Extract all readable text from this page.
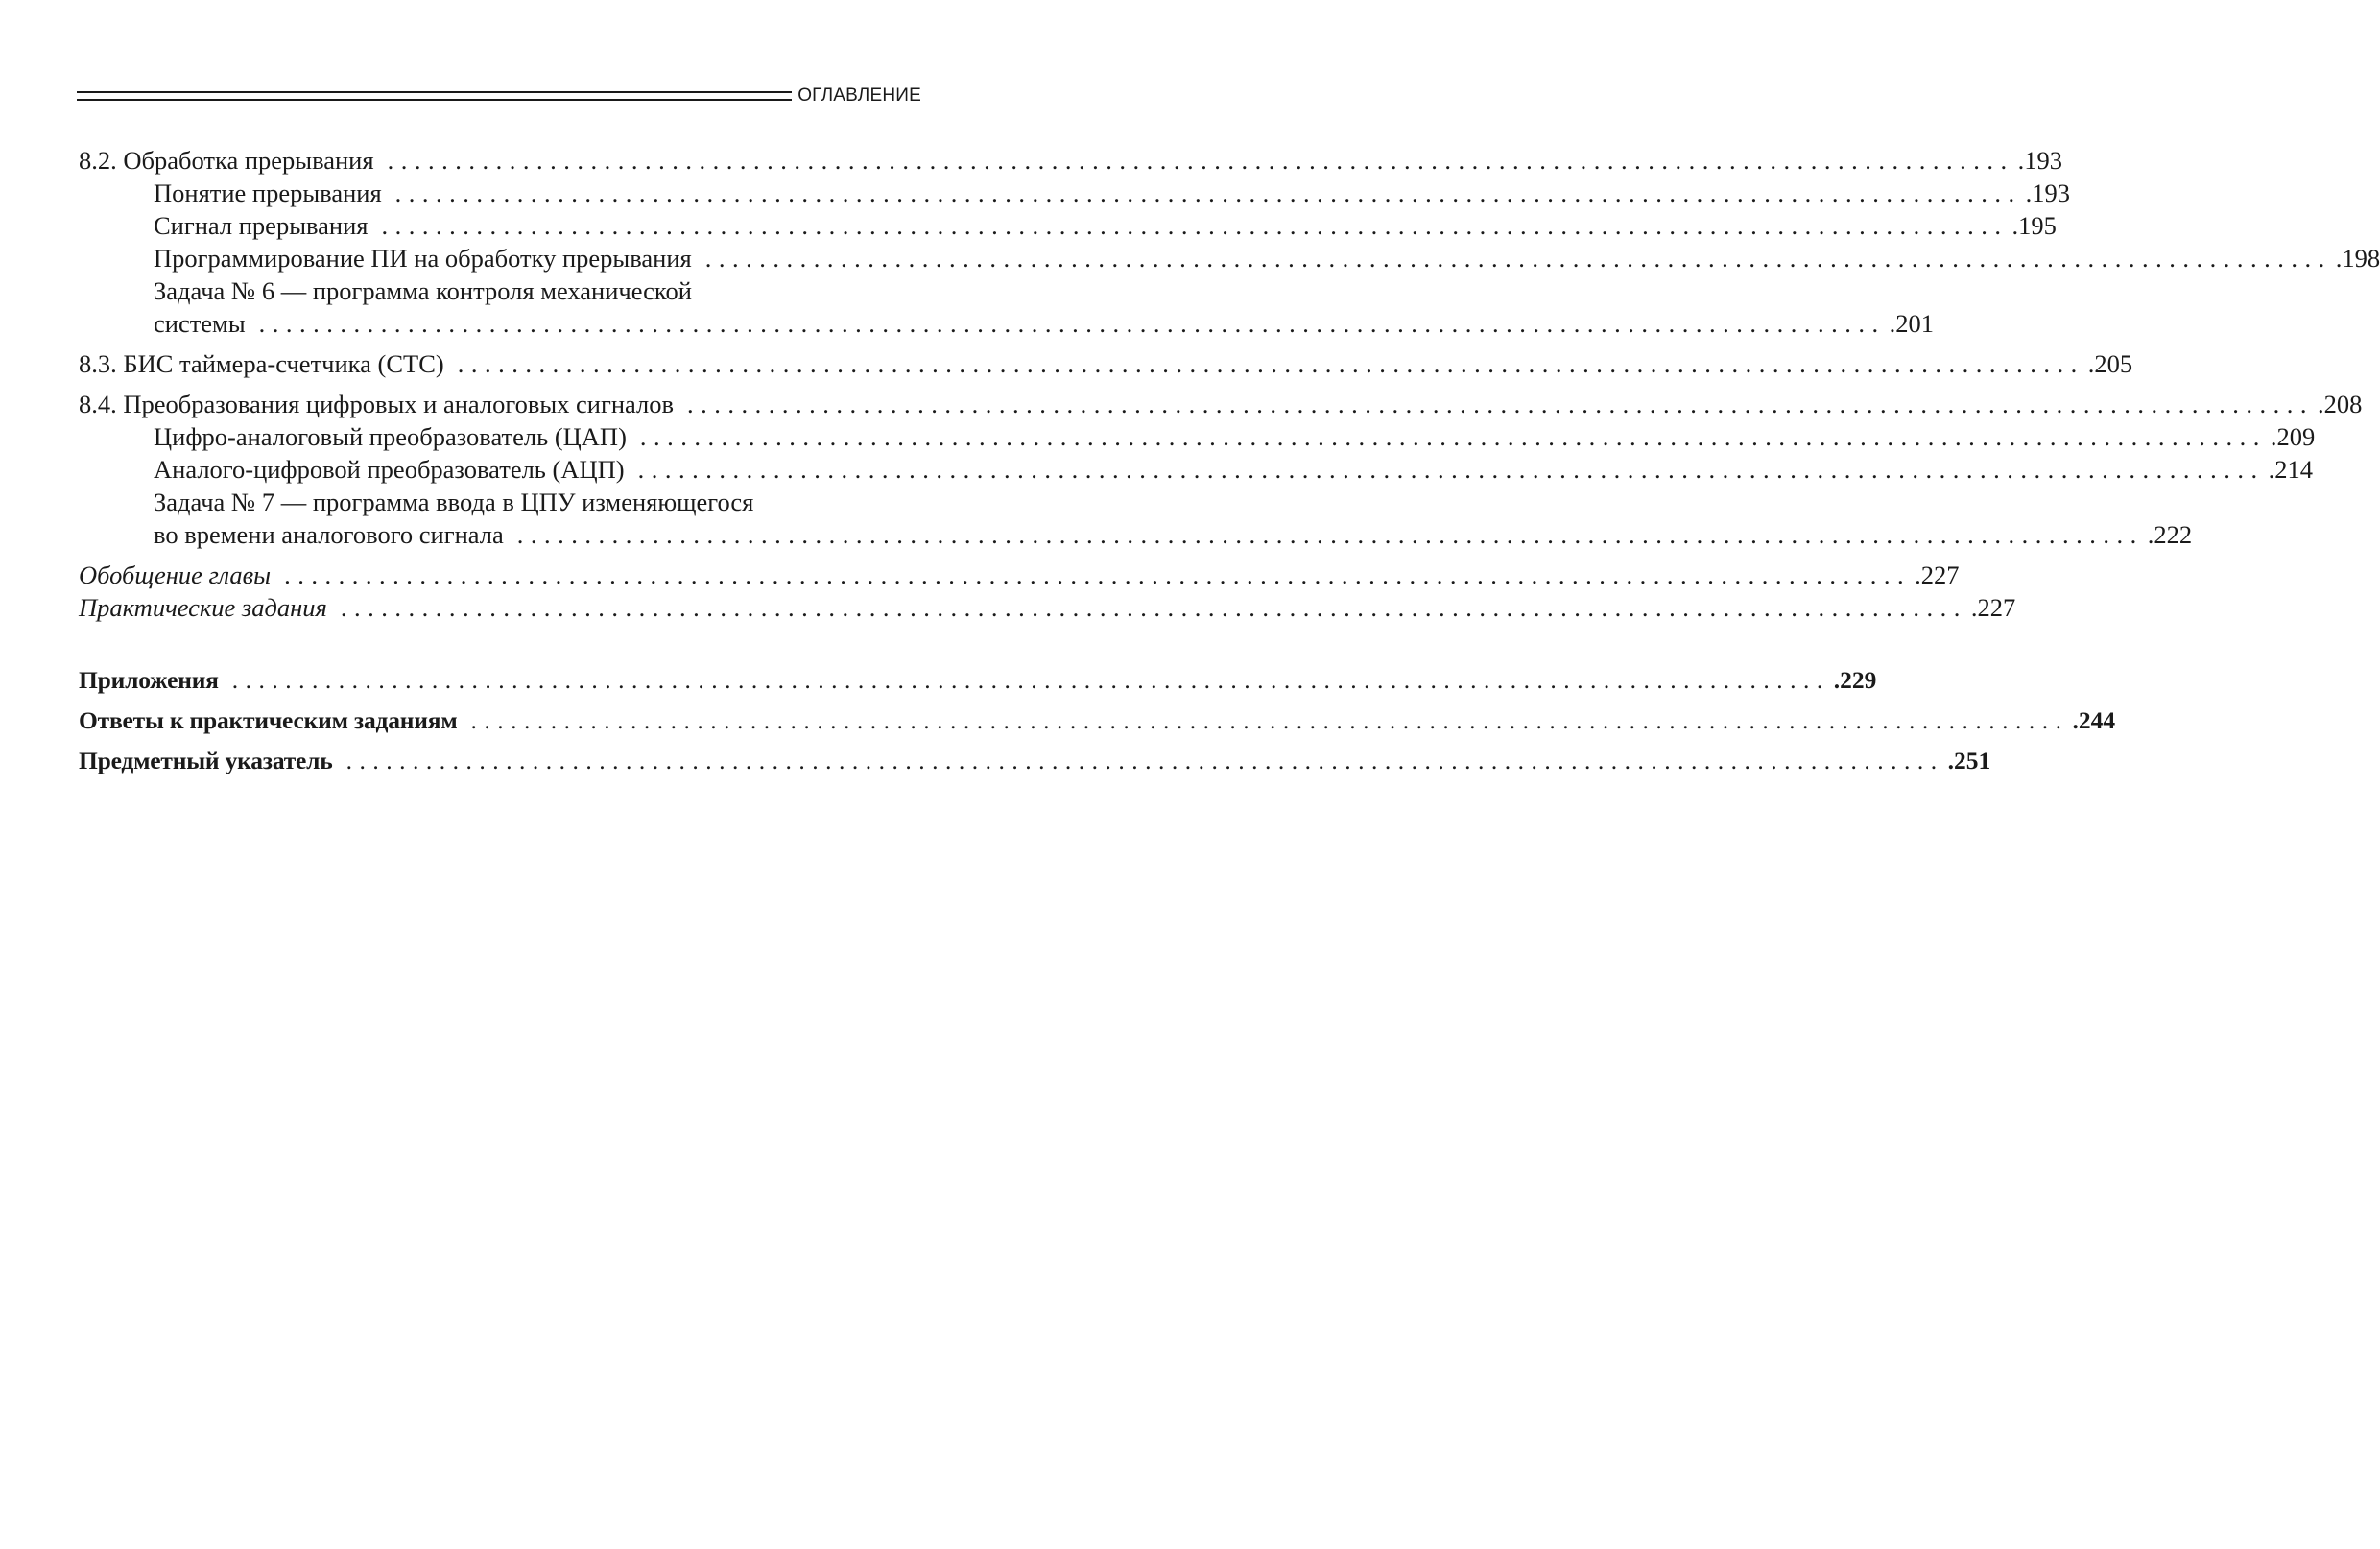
ОГЛАВЛЕНИЕ
8.2. Обработка прерывания ........................................................................................................................ .193
Понятие прерывания ........................................................................................................................ .193
Сигнал прерывания ........................................................................................................................ .195
Программирование ПИ на обработку прерывания ........................................................................................................................ .198
Задача № 6 — программа контроля механической
системы ........................................................................................................................ .201
8.3. БИС таймера-счетчика (СТС) ........................................................................................................................ .205
8.4. Преобразования цифровых и аналоговых сигналов ........................................................................................................................ .208
Цифро-аналоговый преобразователь (ЦАП) ........................................................................................................................ .209
Аналого-цифровой преобразователь (АЦП) ........................................................................................................................ .214
Задача № 7 — программа ввода в ЦПУ изменяющегося
во времени аналогового сигнала ........................................................................................................................ .222
Обобщение главы ........................................................................................................................ .227
Практические задания ........................................................................................................................ .227
Приложения ........................................................................................................................ .229
Ответы к практическим заданиям ........................................................................................................................ .244
Предметный указатель ........................................................................................................................ .251
